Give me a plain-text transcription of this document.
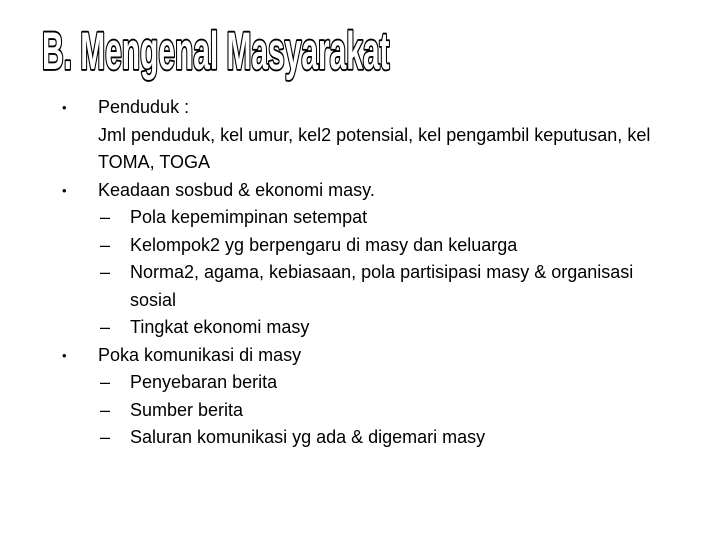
B. Mengenal Masyarakat
• Penduduk :
Jml penduduk, kel umur, kel2 potensial, kel pengambil keputusan, kel TOMA, TOGA
• Keadaan sosbud & ekonomi masy.
– Pola kepemimpinan setempat
– Kelompok2 yg berpengaru di masy dan keluarga
– Norma2, agama, kebiasaan, pola partisipasi masy & organisasi sosial
– Tingkat ekonomi masy
• Poka komunikasi di masy
– Penyebaran berita
– Sumber berita
– Saluran komunikasi yg ada & digemari masy
